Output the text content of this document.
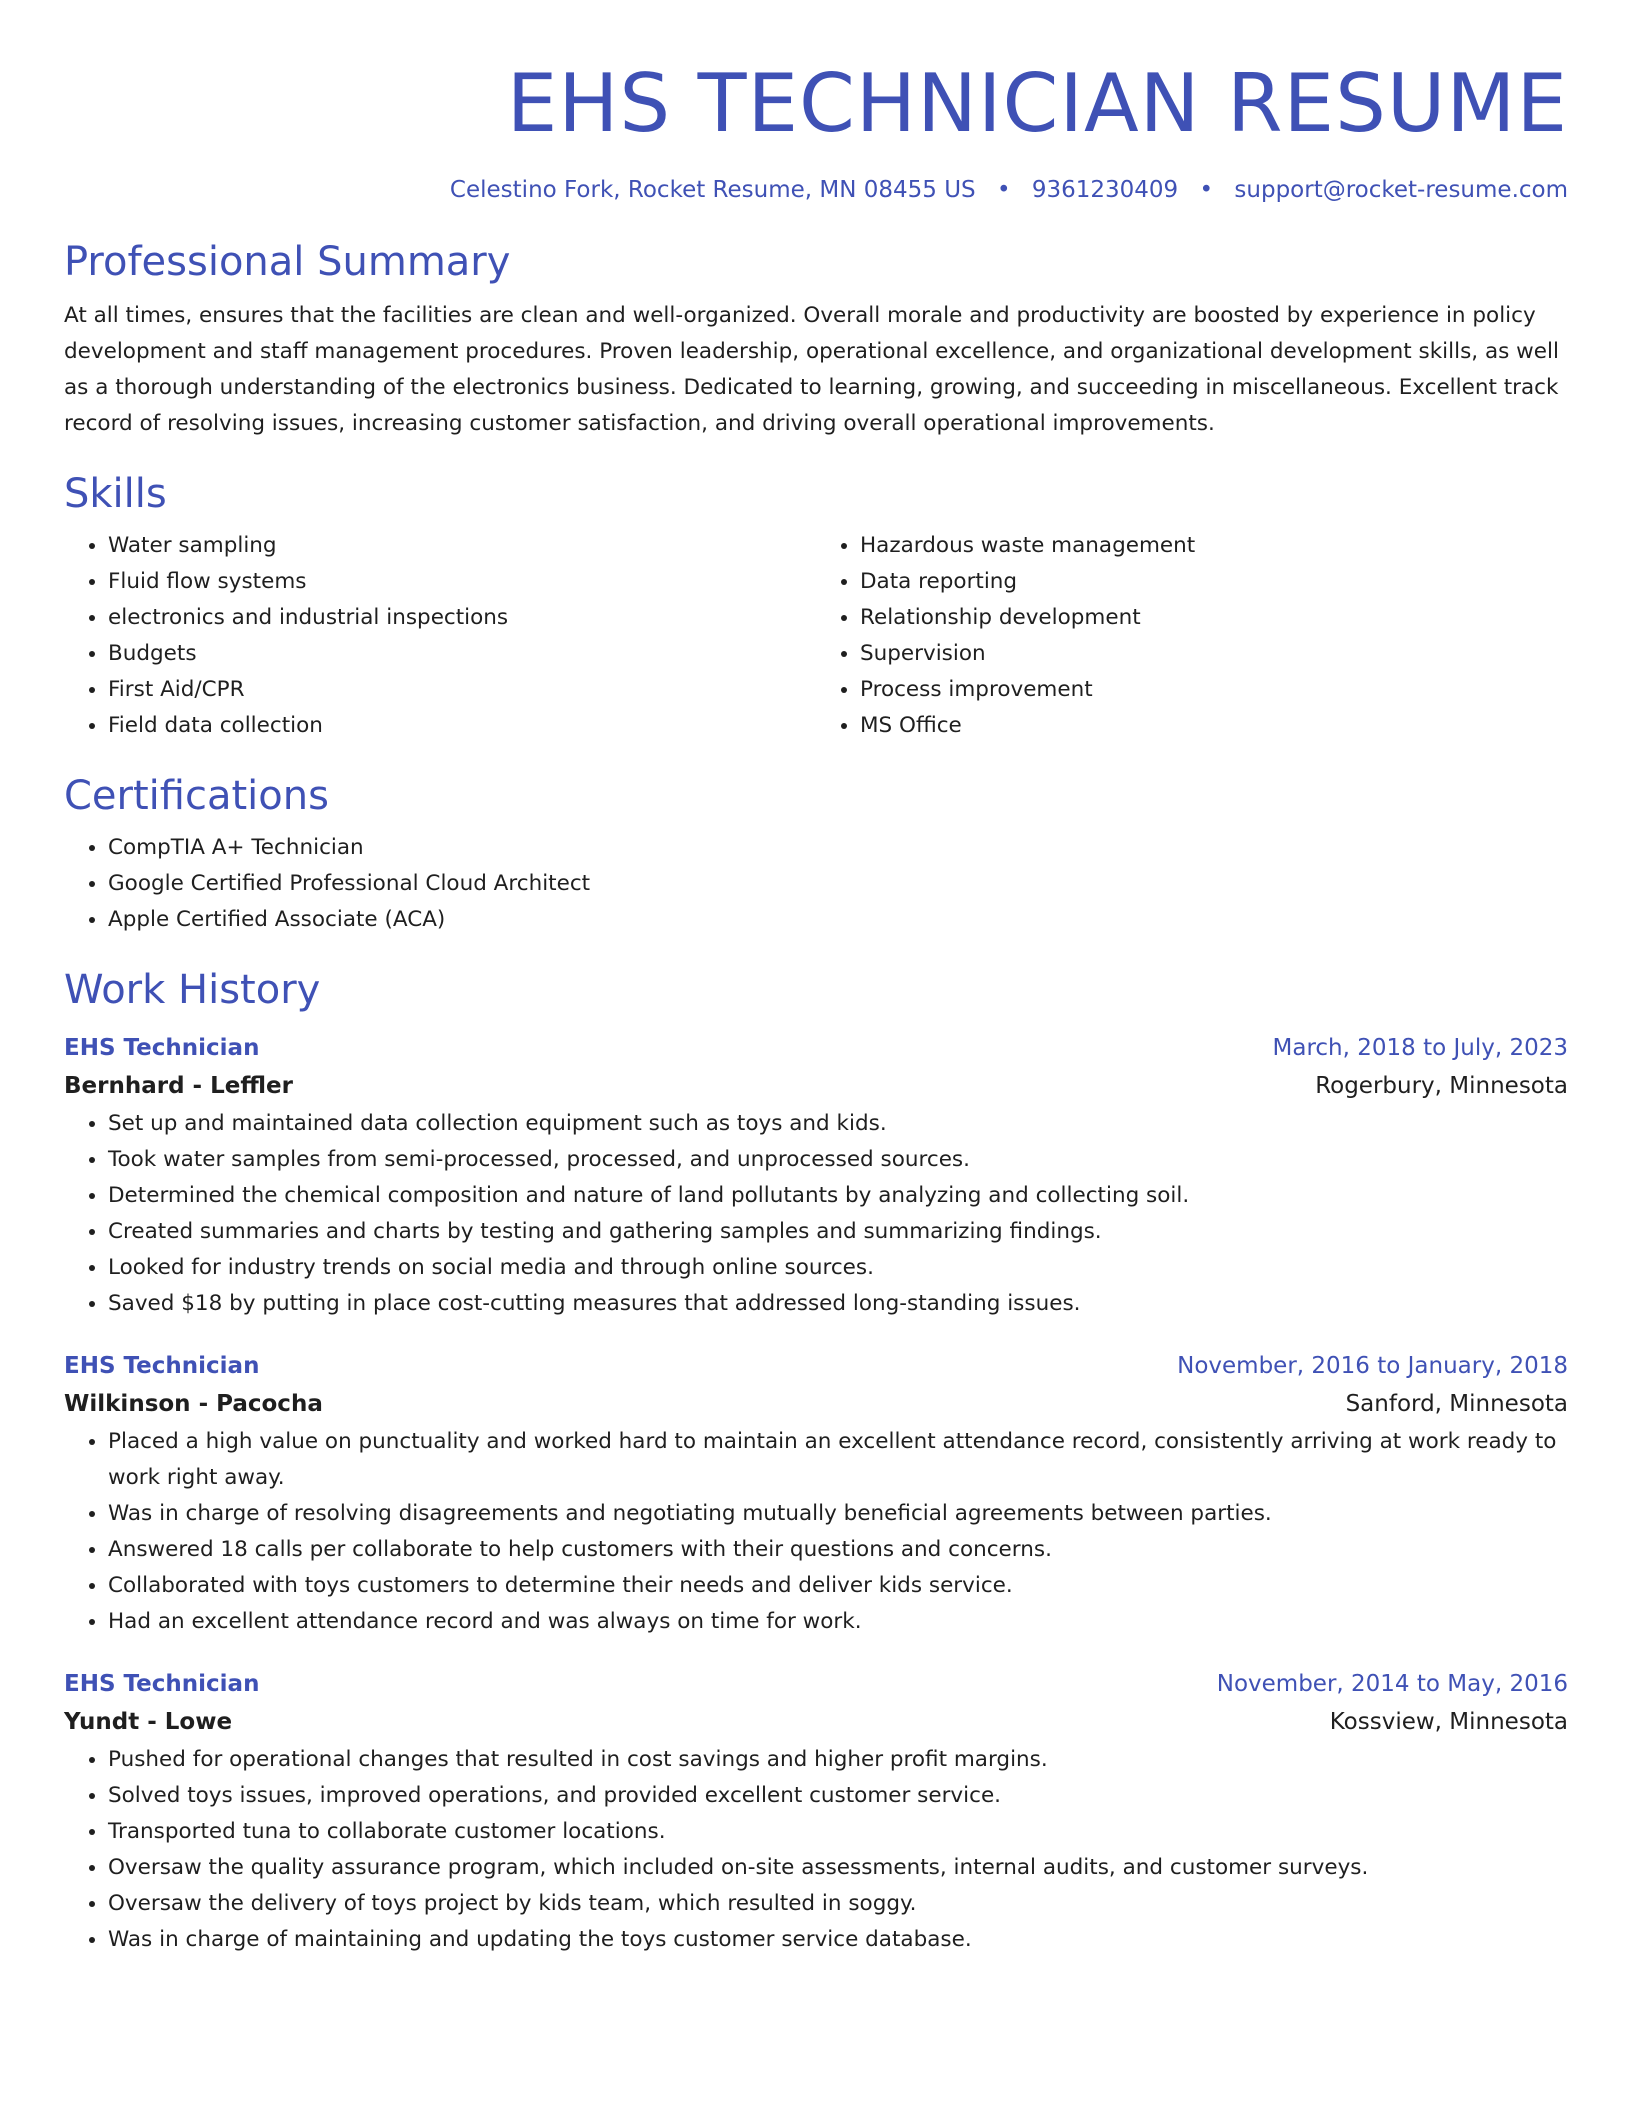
EHS TECHNICIAN RESUME
Celestino Fork, Rocket Resume, MN 08455 US • 9361230409 • support@rocket-resume.com
Professional Summary

At all times, ensures that the facilities are clean and well-organized. Overall morale and productivity are boosted by experience in policy development and staff management procedures. Proven leadership, operational excellence, and organizational development skills, as well as a thorough understanding of the electronics business. Dedicated to learning, growing, and succeeding in miscellaneous. Excellent track record of resolving issues, increasing customer satisfaction, and driving overall operational improvements.

Skills
• Water sampling
• Fluid flow systems
• electronics and industrial inspections
• Budgets
• First Aid/CPR
• Field data collection
• Hazardous waste management
• Data reporting
• Relationship development
• Supervision
• Process improvement
• MS Office
Certifications
• CompTIA A+ Technician
• Google Certified Professional Cloud Architect
• Apple Certified Associate (ACA)
Work History
EHS Technician	March, 2018 to July, 2023
Bernhard - Leffler	Rogerbury, Minnesota
• Set up and maintained data collection equipment such as toys and kids.
• Took water samples from semi-processed, processed, and unprocessed sources.
• Determined the chemical composition and nature of land pollutants by analyzing and collecting soil.
• Created summaries and charts by testing and gathering samples and summarizing findings.
• Looked for industry trends on social media and through online sources.
• Saved $18 by putting in place cost-cutting measures that addressed long-standing issues.
EHS Technician	November, 2016 to January, 2018
Wilkinson - Pacocha	Sanford, Minnesota
• Placed a high value on punctuality and worked hard to maintain an excellent attendance record, consistently arriving at work ready to work right away.
• Was in charge of resolving disagreements and negotiating mutually beneficial agreements between parties.
• Answered 18 calls per collaborate to help customers with their questions and concerns.
• Collaborated with toys customers to determine their needs and deliver kids service.
• Had an excellent attendance record and was always on time for work.
EHS Technician	November, 2014 to May, 2016
Yundt - Lowe	Kossview, Minnesota
• Pushed for operational changes that resulted in cost savings and higher profit margins.
• Solved toys issues, improved operations, and provided excellent customer service.
• Transported tuna to collaborate customer locations.
• Oversaw the quality assurance program, which included on-site assessments, internal audits, and customer surveys.
• Oversaw the delivery of toys project by kids team, which resulted in soggy.
• Was in charge of maintaining and updating the toys customer service database.
